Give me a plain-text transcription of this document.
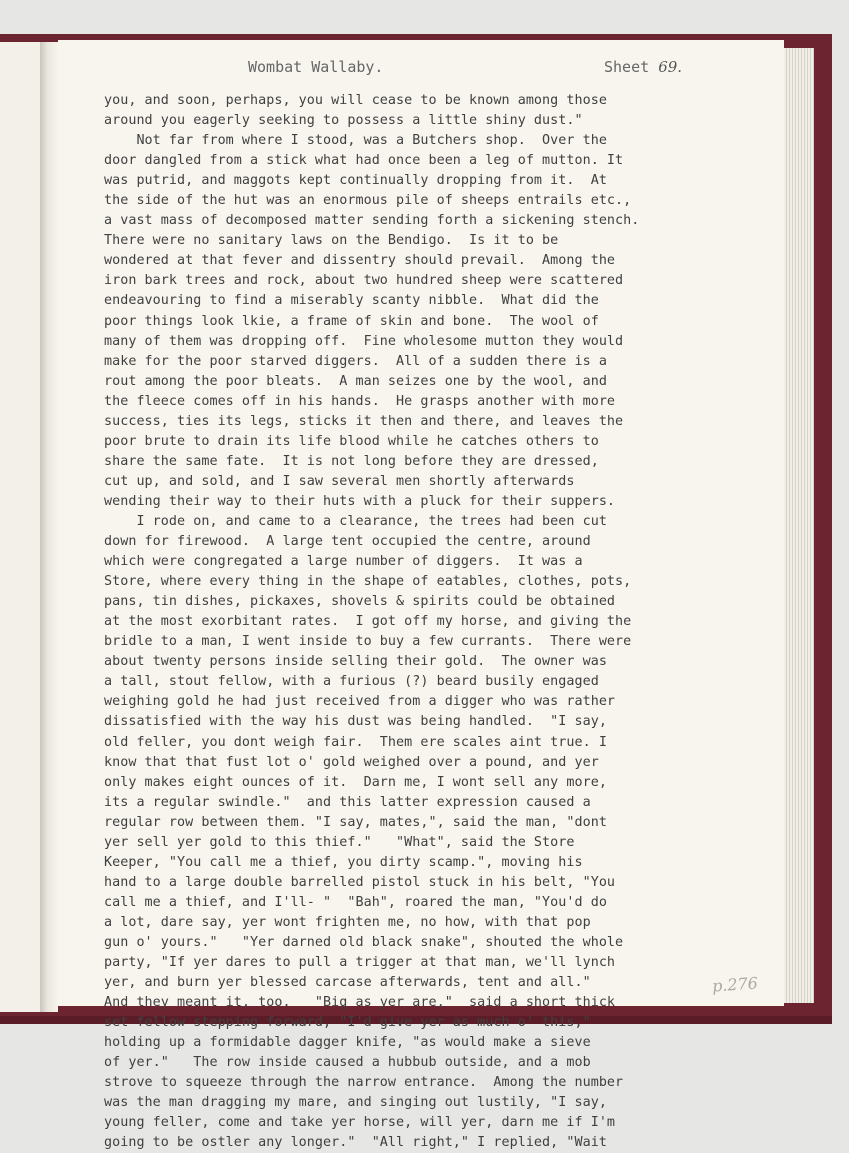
Wombat Wallaby.	Sheet 69.
you, and soon, perhaps, you will cease to be known among those
around you eagerly seeking to possess a little shiny dust."
Not far from where I stood, was a Butchers shop.  Over the
door dangled from a stick what had once been a leg of mutton. It
was putrid, and maggots kept continually dropping from it.  At
the side of the hut was an enormous pile of sheeps entrails etc.,
a vast mass of decomposed matter sending forth a sickening stench.
There were no sanitary laws on the Bendigo.  Is it to be
wondered at that fever and dissentry should prevail.  Among the
iron bark trees and rock, about two hundred sheep were scattered
endeavouring to find a miserably scanty nibble.  What did the
poor things look lkie, a frame of skin and bone.  The wool of
many of them was dropping off.  Fine wholesome mutton they would
make for the poor starved diggers.  All of a sudden there is a
rout among the poor bleats.  A man seizes one by the wool, and
the fleece comes off in his hands.  He grasps another with more
success, ties its legs, sticks it then and there, and leaves the
poor brute to drain its life blood while he catches others to
share the same fate.  It is not long before they are dressed,
cut up, and sold, and I saw several men shortly afterwards
wending their way to their huts with a pluck for their suppers.
I rode on, and came to a clearance, the trees had been cut
down for firewood.  A large tent occupied the centre, around
which were congregated a large number of diggers.  It was a
Store, where every thing in the shape of eatables, clothes, pots,
pans, tin dishes, pickaxes, shovels & spirits could be obtained
at the most exorbitant rates.  I got off my horse, and giving the
bridle to a man, I went inside to buy a few currants.  There were
about twenty persons inside selling their gold.  The owner was
a tall, stout fellow, with a furious (?) beard busily engaged
weighing gold he had just received from a digger who was rather
dissatisfied with the way his dust was being handled.  "I say,
old feller, you dont weigh fair.  Them ere scales aint true. I
know that that fust lot o' gold weighed over a pound, and yer
only makes eight ounces of it.  Darn me, I wont sell any more,
its a regular swindle."  and this latter expression caused a
regular row between them. "I say, mates,", said the man, "dont
yer sell yer gold to this thief."   "What", said the Store
Keeper, "You call me a thief, you dirty scamp.", moving his
hand to a large double barrelled pistol stuck in his belt, "You
call me a thief, and I'll- "  "Bah", roared the man, "You'd do
a lot, dare say, yer wont frighten me, no how, with that pop
gun o' yours."   "Yer darned old black snake", shouted the whole
party, "If yer dares to pull a trigger at that man, we'll lynch
yer, and burn yer blessed carcase afterwards, tent and all."
And they meant it, too.   "Big as yer are,"  said a short thick
set fellow stepping forward, "I'd give yer as much o' this,"
holding up a formidable dagger knife, "as would make a sieve
of yer."   The row inside caused a hubbub outside, and a mob
strove to squeeze through the narrow entrance.  Among the number
was the man dragging my mare, and singing out lustily, "I say,
young feller, come and take yer horse, will yer, darn me if I'm
going to be ostler any longer."  "All right," I replied, "Wait
p.276
